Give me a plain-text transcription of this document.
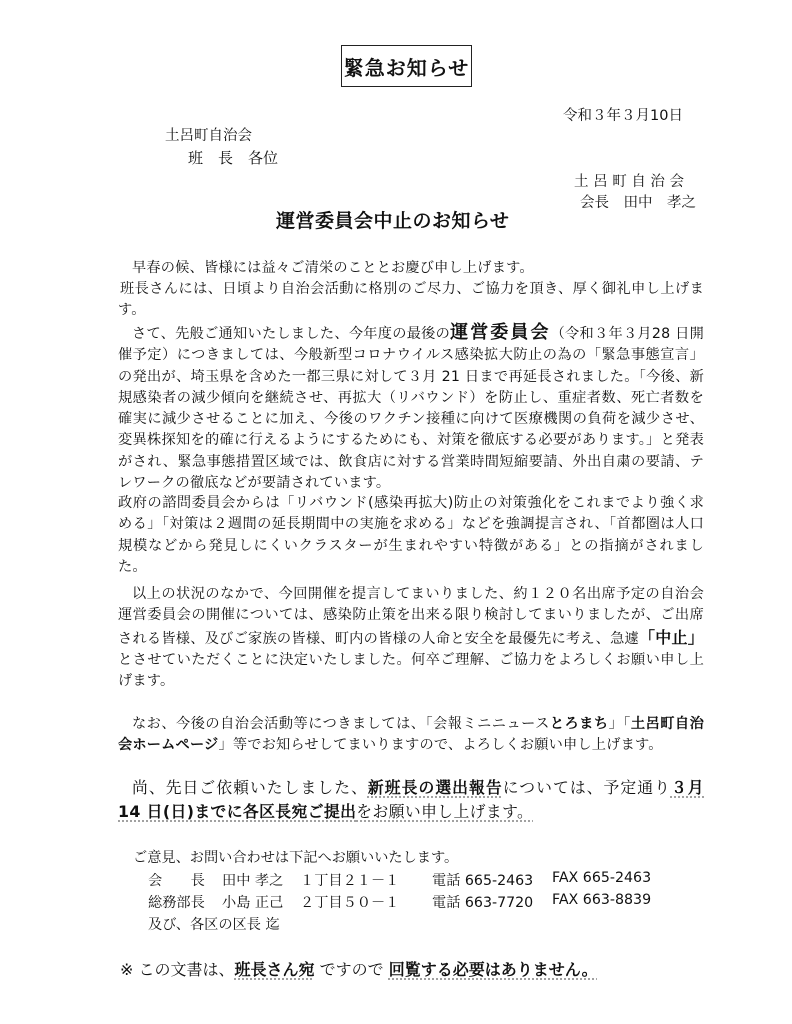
緊急お知らせ
令和３年３月10日
土呂町自治会
班　長　各位
土 呂 町 自 治 会
会長　田中　孝之
運営委員会中止のお知らせ

早春の候、皆様には益々ご清栄のこととお慶び申し上げます。

班長さんには、日頃より自治会活動に格別のご尽力、ご協力を頂き、厚く御礼申し上げます。

さて、先般ご通知いたしました、今年度の最後の運営委員会（令和３年３月28 日開催予定）につきましては、今般新型コロナウイルス感染拡大防止の為の「緊急事態宣言」の発出が、埼玉県を含めた一都三県に対して３月 21 日まで再延長されました。「今後、新規感染者の減少傾向を継続させ、再拡大（リバウンド）を防止し、重症者数、死亡者数を確実に減少させることに加え、今後のワクチン接種に向けて医療機関の負荷を減少させ、変異株探知を的確に行えるようにするためにも、対策を徹底する必要があります。」と発表がされ、緊急事態措置区域では、飲食店に対する営業時間短縮要請、外出自粛の要請、テレワークの徹底などが要請されています。

政府の諮問委員会からは「リバウンド(感染再拡大)防止の対策強化をこれまでより強く求める」「対策は２週間の延長期間中の実施を求める」などを強調提言され、「首都圏は人口規模などから発見しにくいクラスターが生まれやすい特徴がある」との指摘がされました。

以上の状況のなかで、今回開催を提言してまいりました、約１２０名出席予定の自治会運営委員会の開催については、感染防止策を出来る限り検討してまいりましたが、ご出席される皆様、及びご家族の皆様、町内の皆様の人命と安全を最優先に考え、急遽「中止」とさせていただくことに決定いたしました。何卒ご理解、ご協力をよろしくお願い申し上げます。

なお、今後の自治会活動等につきましては、「会報ミニニュースとろまち」「土呂町自治会ホームページ」等でお知らせしてまいりますので、よろしくお願い申し上げます。

尚、先日ご依頼いたしました、新班長の選出報告については、予定通り３月 14 日(日)までに各区長宛ご提出をお願い申し上げます。

ご意見、お問い合わせは下記へお願いいたします。
会　　長 田中 孝之 １丁目２１－１ 電話 665-2463 FAX 665-2463
総務部長 小島 正己 ２丁目５０－１ 電話 663-7720 FAX 663-8839
及び、各区の区長 迄
※ この文書は、班長さん宛 ですので 回覧する必要はありません。
